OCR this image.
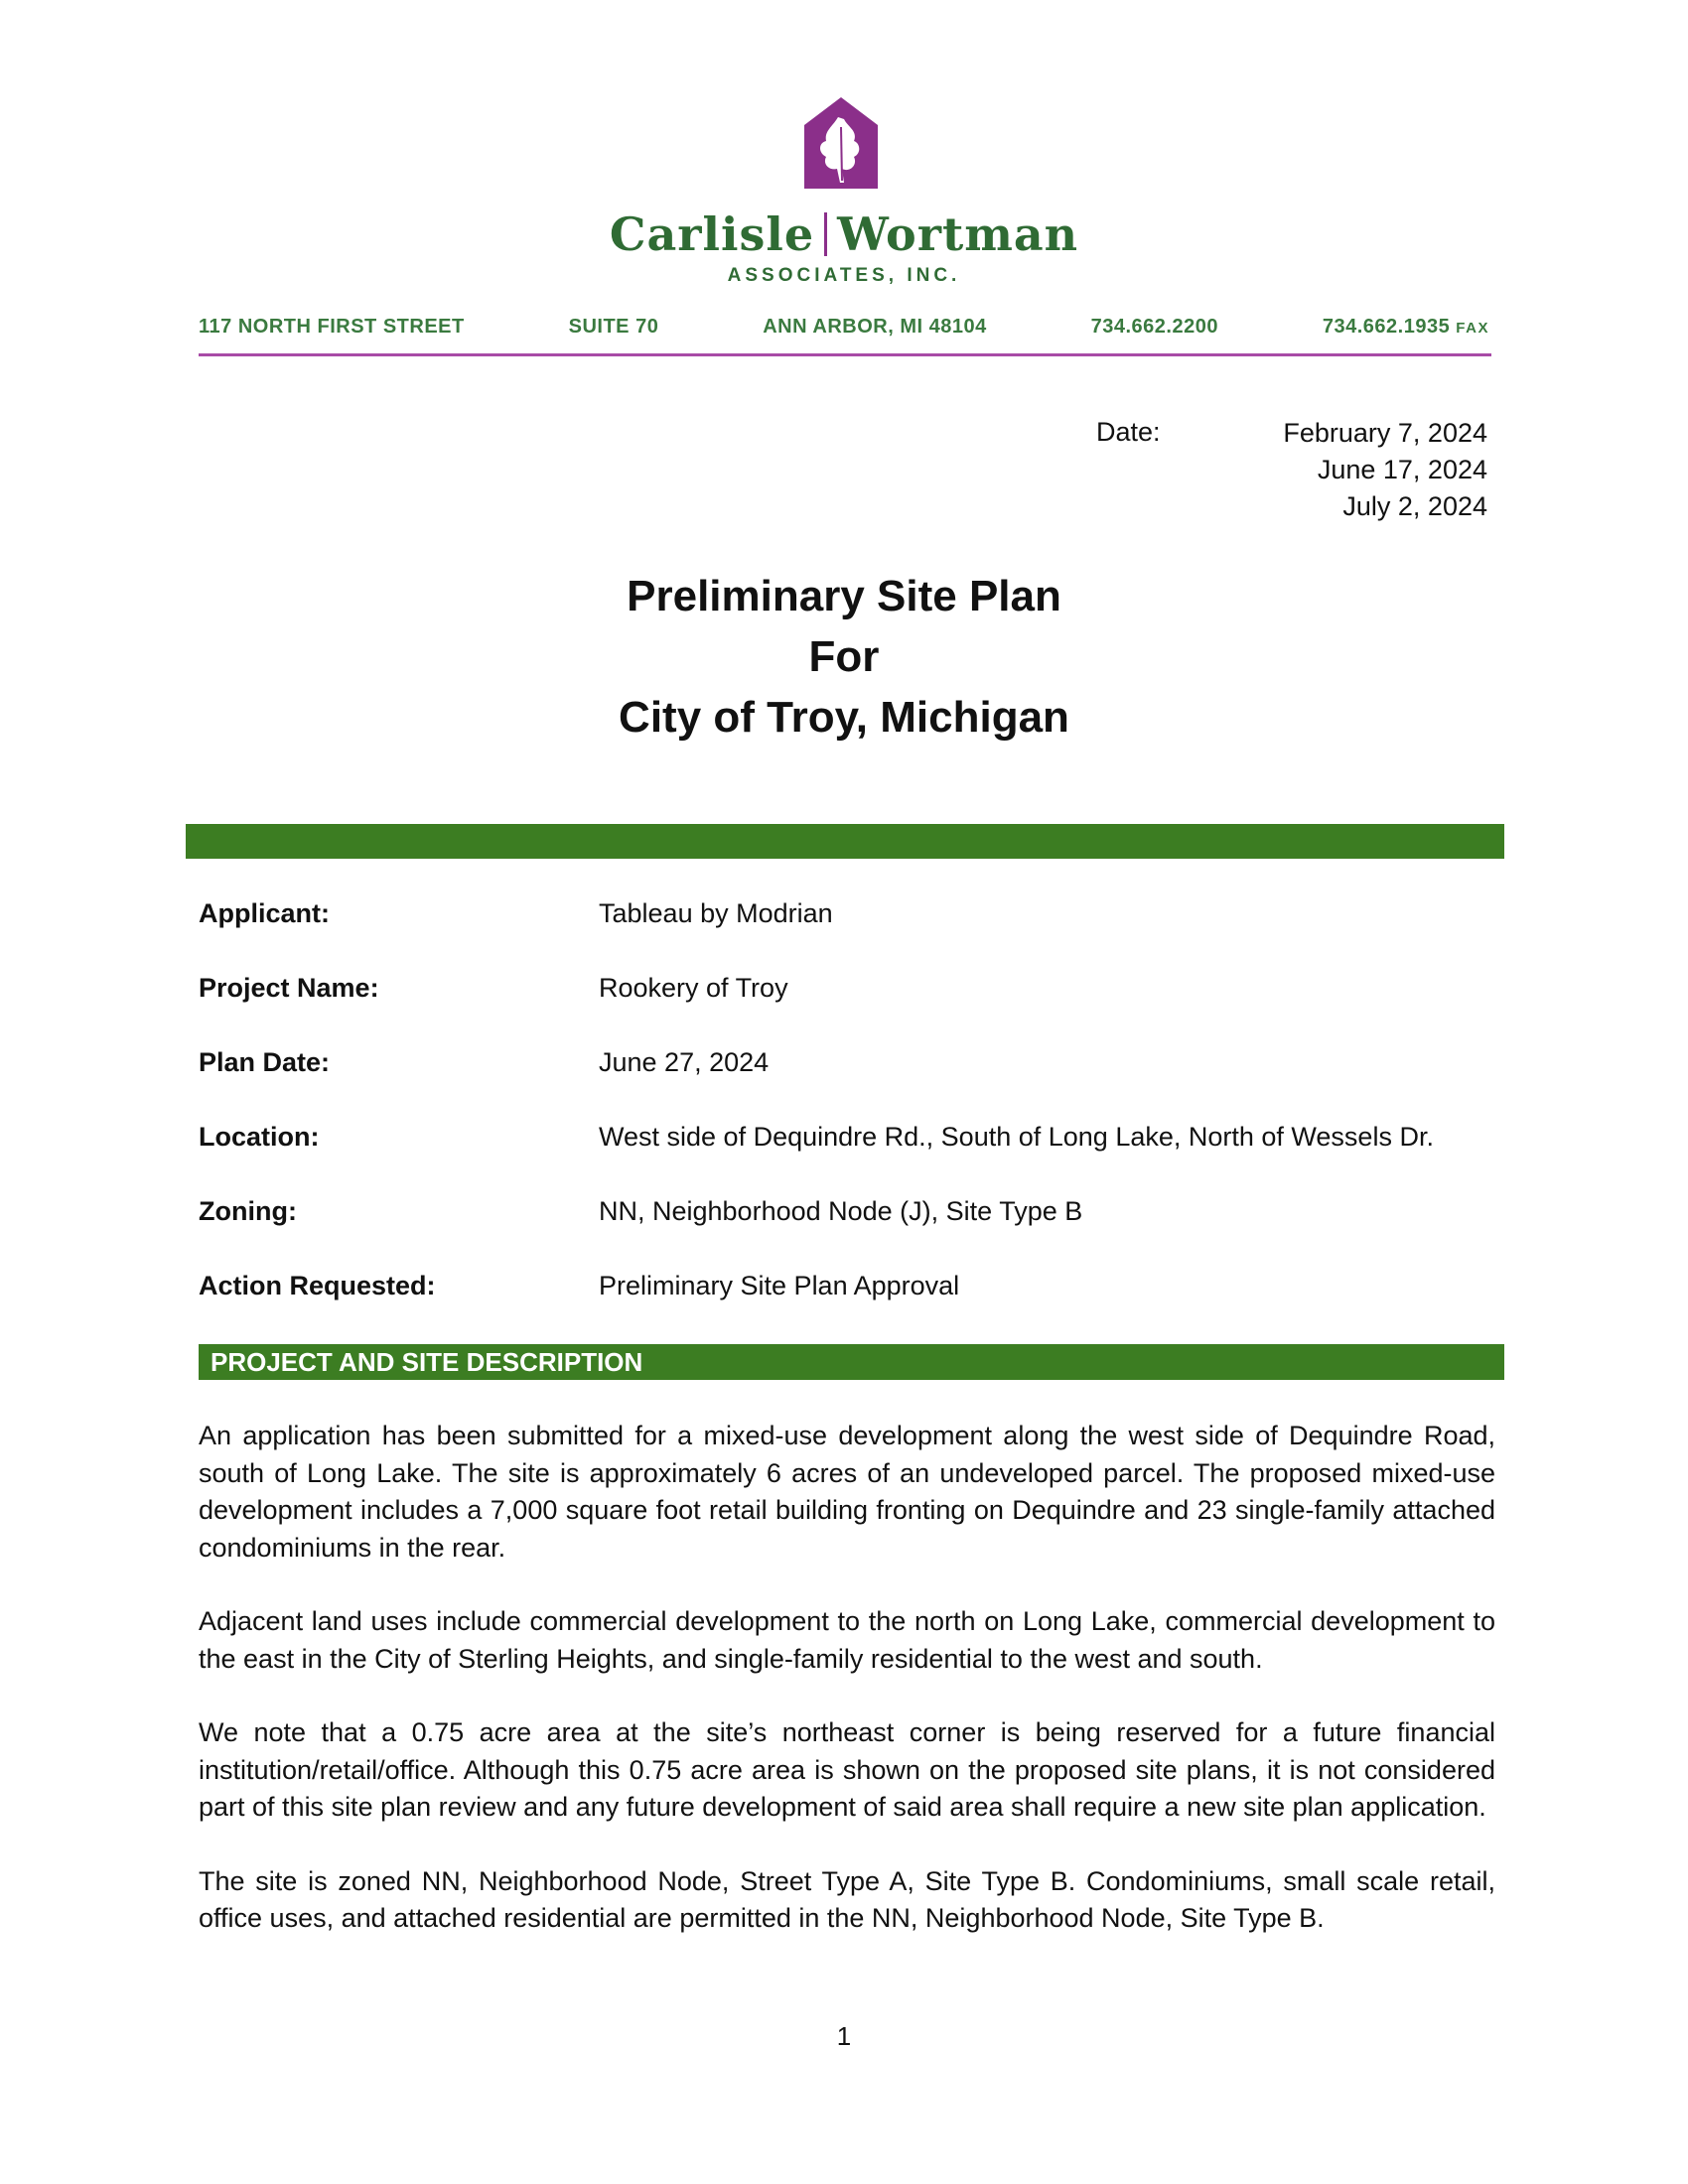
Carlisle Wortman
ASSOCIATES, INC.
117 NORTH FIRST STREET	SUITE 70	ANN ARBOR, MI 48104	734.662.2200	734.662.1935 FAX
Date:	February 7, 2024
June 17, 2024
July 2, 2024
Preliminary Site Plan
For
City of Troy, Michigan
Applicant:	Tableau by Modrian
Project Name:	Rookery of Troy
Plan Date:	June 27, 2024
Location:	West side of Dequindre Rd., South of Long Lake, North of Wessels Dr.
Zoning:	NN, Neighborhood Node (J), Site Type B
Action Requested:	Preliminary Site Plan Approval
PROJECT AND SITE DESCRIPTION

An application has been submitted for a mixed-use development along the west side of Dequindre Road, south of Long Lake. The site is approximately 6 acres of an undeveloped parcel. The proposed mixed-use development includes a 7,000 square foot retail building fronting on Dequindre and 23 single-family attached condominiums in the rear.

Adjacent land uses include commercial development to the north on Long Lake, commercial development to the east in the City of Sterling Heights, and single-family residential to the west and south.

We note that a 0.75 acre area at the site’s northeast corner is being reserved for a future financial institution/retail/office. Although this 0.75 acre area is shown on the proposed site plans, it is not considered part of this site plan review and any future development of said area shall require a new site plan application.

The site is zoned NN, Neighborhood Node, Street Type A, Site Type B. Condominiums, small scale retail, office uses, and attached residential are permitted in the NN, Neighborhood Node, Site Type B.

1
